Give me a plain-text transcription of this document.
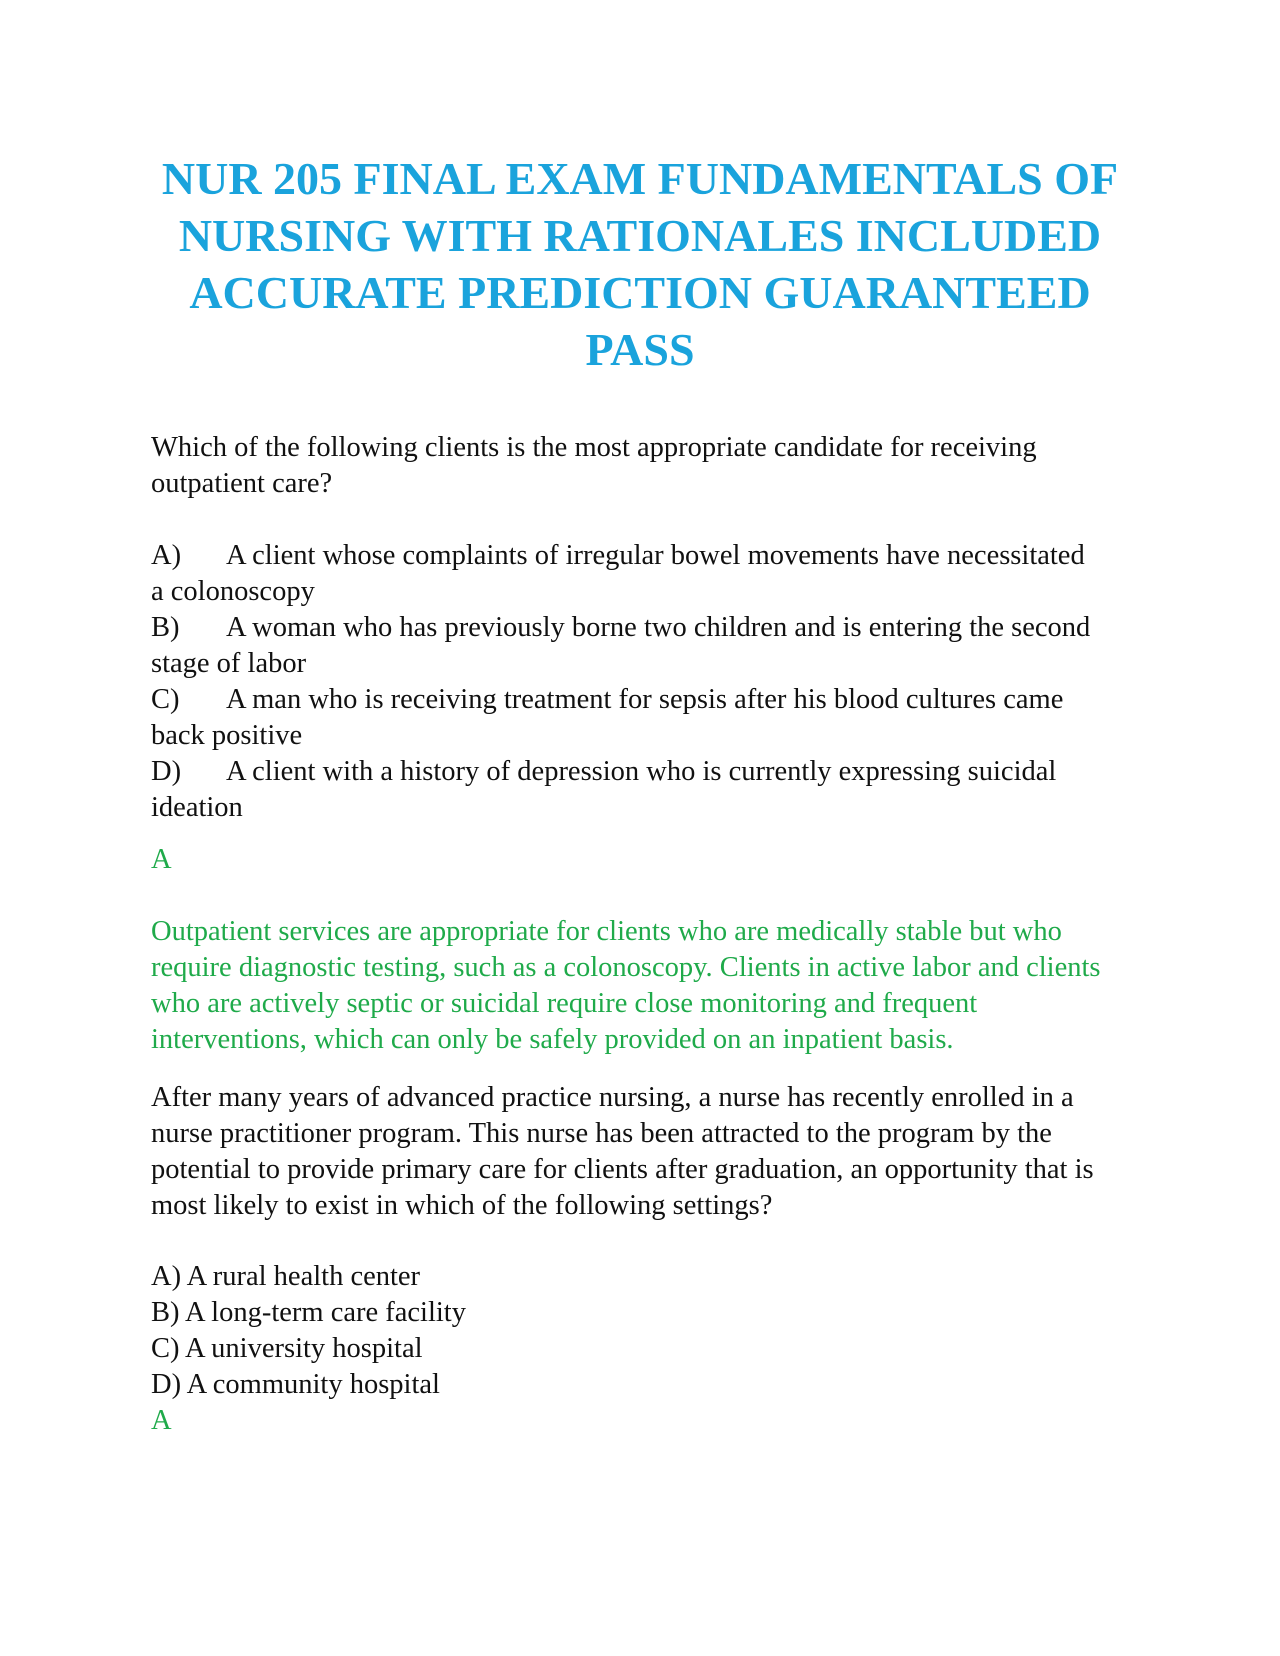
NUR 205 FINAL EXAM FUNDAMENTALS OF
NURSING WITH RATIONALES INCLUDED
ACCURATE PREDICTION GUARANTEED
PASS

Which of the following clients is the most appropriate candidate for receiving
outpatient care?

A) A client whose complaints of irregular bowel movements have necessitated
a colonoscopy
B) A woman who has previously borne two children and is entering the second
stage of labor
C) A man who is receiving treatment for sepsis after his blood cultures came
back positive
D) A client with a history of depression who is currently expressing suicidal
ideation

A

Outpatient services are appropriate for clients who are medically stable but who
require diagnostic testing, such as a colonoscopy. Clients in active labor and clients
who are actively septic or suicidal require close monitoring and frequent
interventions, which can only be safely provided on an inpatient basis.

After many years of advanced practice nursing, a nurse has recently enrolled in a
nurse practitioner program. This nurse has been attracted to the program by the
potential to provide primary care for clients after graduation, an opportunity that is
most likely to exist in which of the following settings?

A) A rural health center
B) A long-term care facility
C) A university hospital
D) A community hospital

A
